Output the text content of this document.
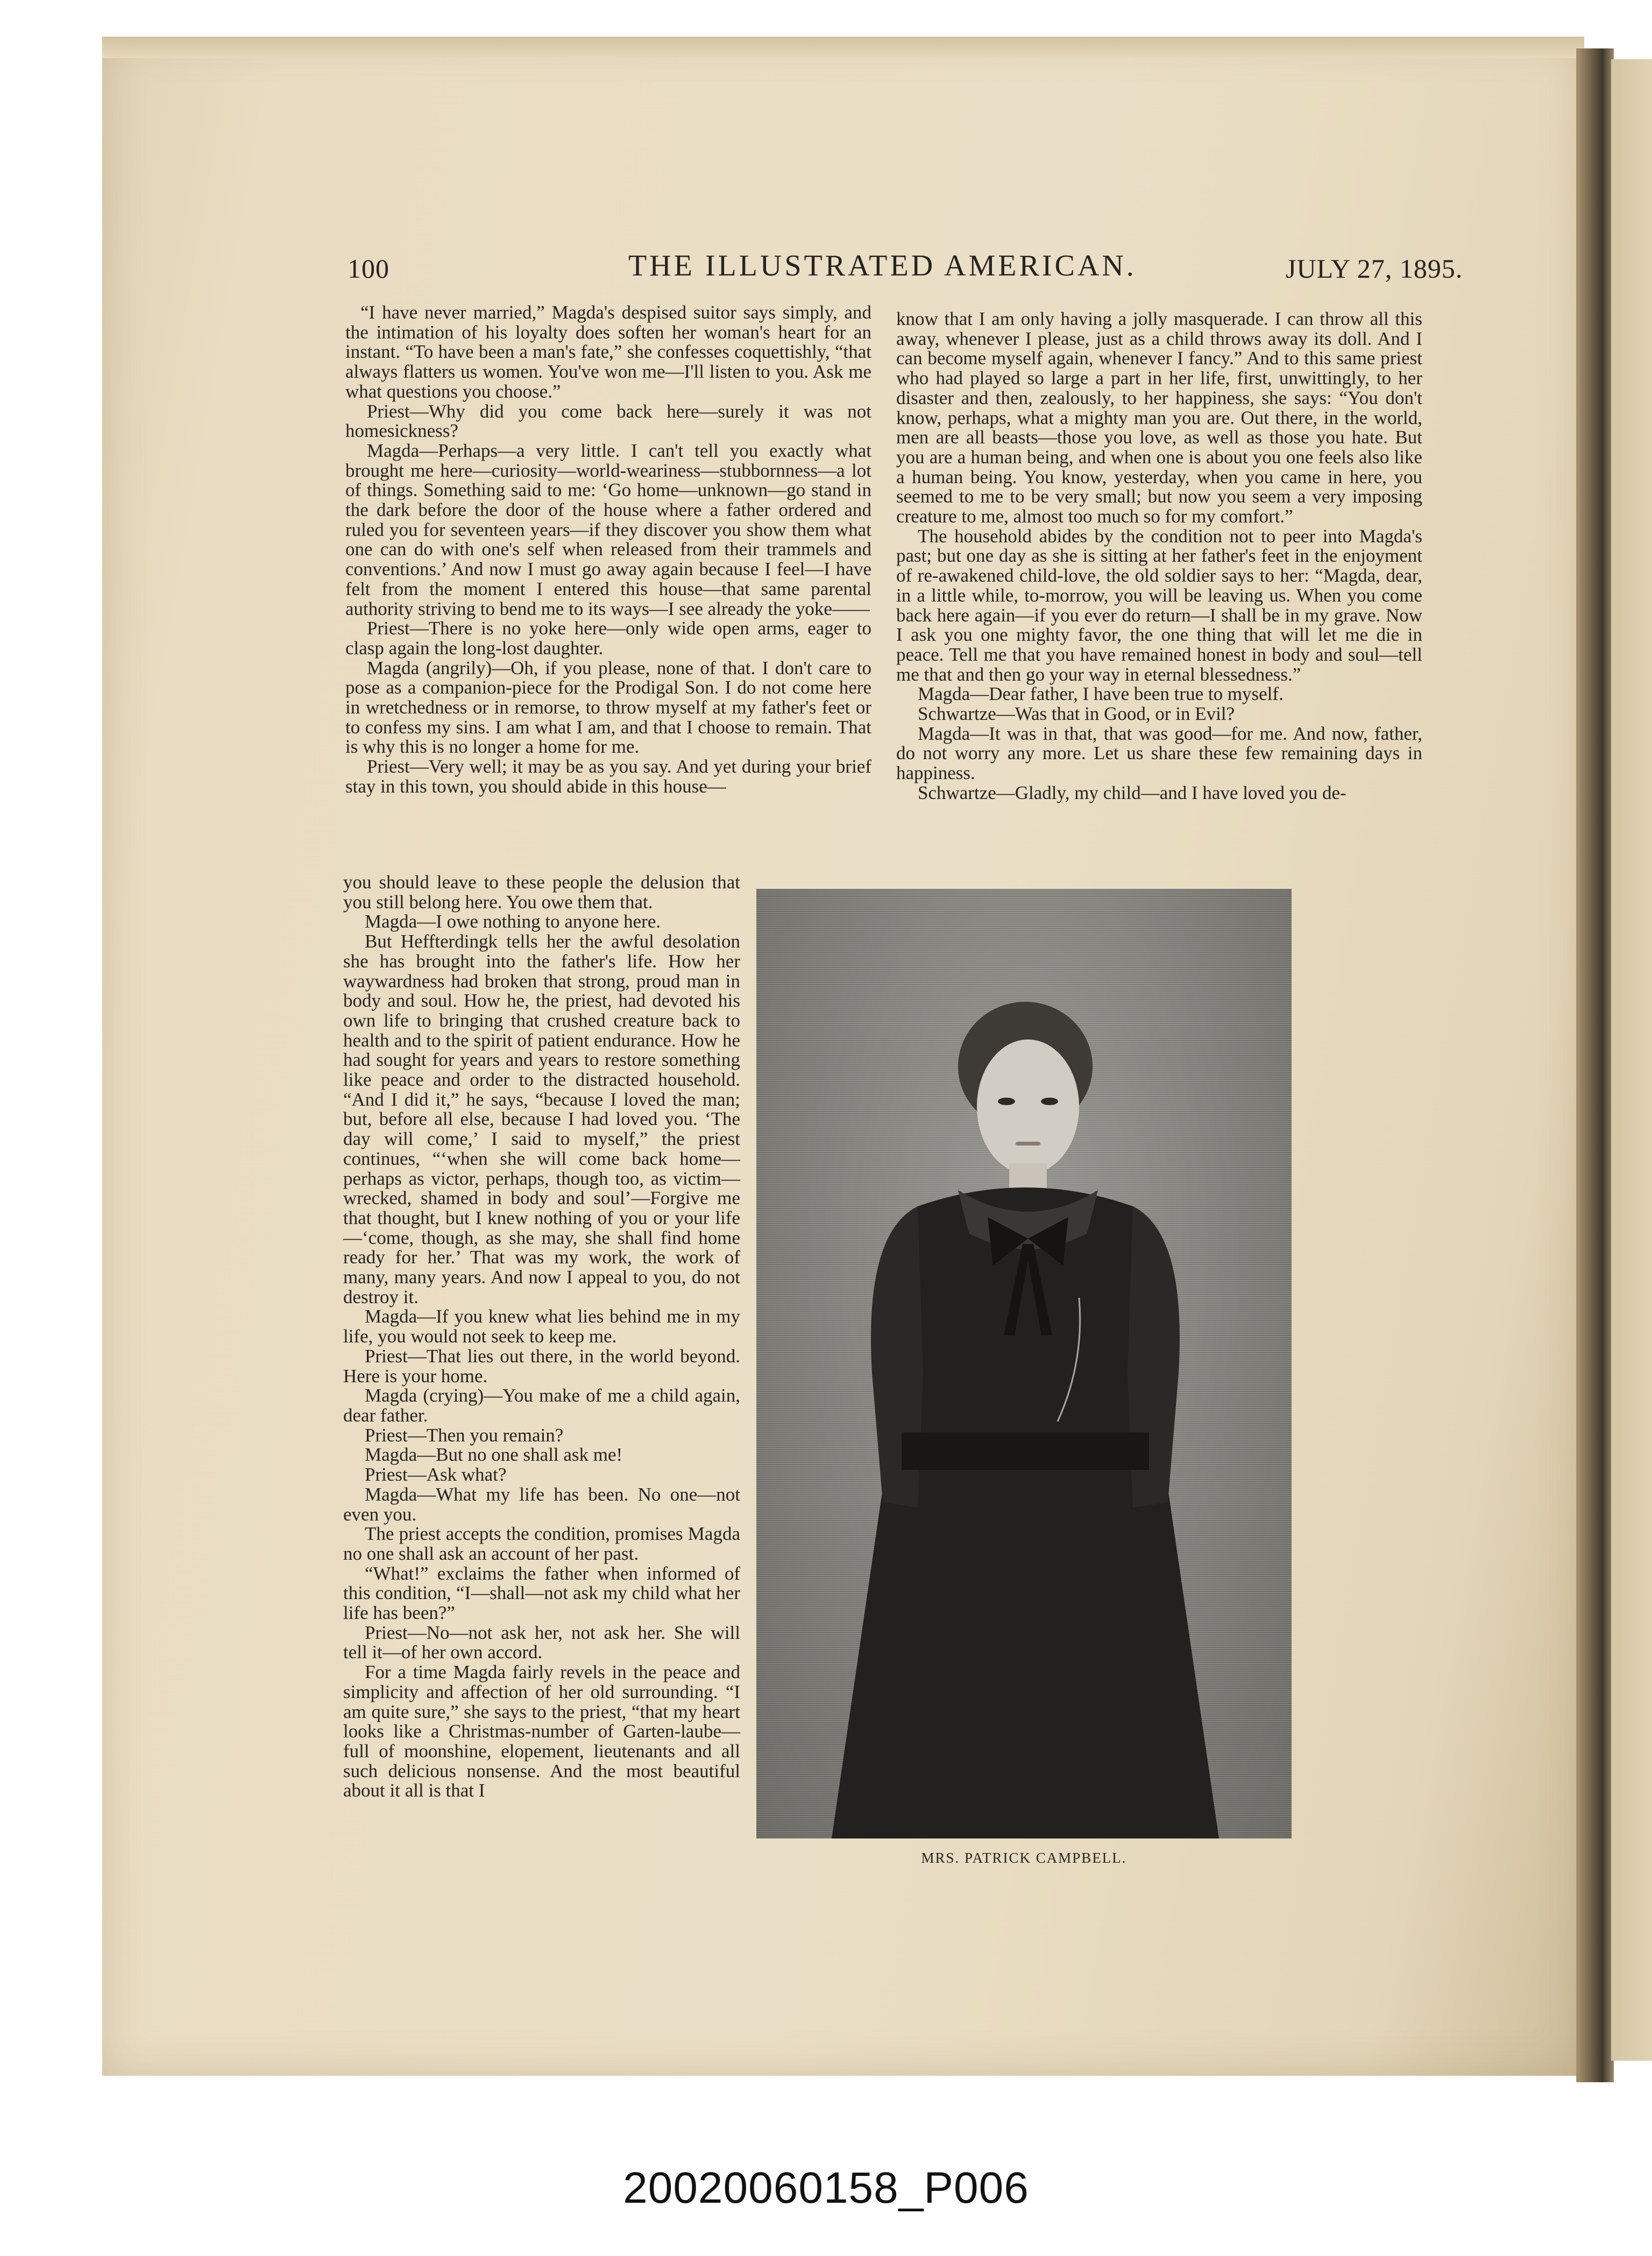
100	THE ILLUSTRATED AMERICAN.	JULY 27, 1895.

“I have never married,” Magda's despised suitor says simply, and the intimation of his loyalty does soften her woman's heart for an instant. “To have been a man's fate,” she confesses coquettishly, “that always flatters us women. You've won me—I'll listen to you. Ask me what questions you choose.”

Priest—Why did you come back here—surely it was not homesickness?

Magda—Perhaps—a very little. I can't tell you exactly what brought me here—curiosity—world-weariness—stubbornness—a lot of things. Something said to me: ‘Go home—unknown—go stand in the dark before the door of the house where a father ordered and ruled you for seventeen years—if they discover you show them what one can do with one's self when released from their trammels and conventions.’ And now I must go away again because I feel—I have felt from the moment I entered this house—that same parental authority striving to bend me to its ways—I see already the yoke——

Priest—There is no yoke here—only wide open arms, eager to clasp again the long-lost daughter.

Magda (angrily)—Oh, if you please, none of that. I don't care to pose as a companion-piece for the Prodigal Son. I do not come here in wretchedness or in remorse, to throw myself at my father's feet or to confess my sins. I am what I am, and that I choose to remain. That is why this is no longer a home for me.

Priest—Very well; it may be as you say. And yet during your brief stay in this town, you should abide in this house—

you should leave to these people the delusion that you still belong here. You owe them that.

Magda—I owe nothing to anyone here.

But Heffterdingk tells her the awful desolation she has brought into the father's life. How her waywardness had broken that strong, proud man in body and soul. How he, the priest, had devoted his own life to bringing that crushed creature back to health and to the spirit of patient endurance. How he had sought for years and years to restore something like peace and order to the distracted household. “And I did it,” he says, “because I loved the man; but, before all else, because I had loved you. ‘The day will come,’ I said to myself,” the priest continues, “‘when she will come back home—perhaps as victor, perhaps, though too, as victim—wrecked, shamed in body and soul’—Forgive me that thought, but I knew nothing of you or your life—‘come, though, as she may, she shall find home ready for her.’ That was my work, the work of many, many years. And now I appeal to you, do not destroy it.

Magda—If you knew what lies behind me in my life, you would not seek to keep me.

Priest—That lies out there, in the world beyond. Here is your home.

Magda (crying)—You make of me a child again, dear father.

Priest—Then you remain?

Magda—But no one shall ask me!

Priest—Ask what?

Magda—What my life has been. No one—not even you.

The priest accepts the condition, promises Magda no one shall ask an account of her past.

“What!” exclaims the father when informed of this condition, “I—shall—not ask my child what her life has been?”

Priest—No—not ask her, not ask her. She will tell it—of her own accord.

For a time Magda fairly revels in the peace and simplicity and affection of her old surrounding. “I am quite sure,” she says to the priest, “that my heart looks like a Christmas-number of Garten-laube—full of moonshine, elopement, lieutenants and all such delicious nonsense. And the most beautiful about it all is that I

know that I am only having a jolly masquerade. I can throw all this away, whenever I please, just as a child throws away its doll. And I can become myself again, whenever I fancy.” And to this same priest who had played so large a part in her life, first, unwittingly, to her disaster and then, zealously, to her happiness, she says: “You don't know, perhaps, what a mighty man you are. Out there, in the world, men are all beasts—those you love, as well as those you hate. But you are a human being, and when one is about you one feels also like a human being. You know, yesterday, when you came in here, you seemed to me to be very small; but now you seem a very imposing creature to me, almost too much so for my comfort.”

The household abides by the condition not to peer into Magda's past; but one day as she is sitting at her father's feet in the enjoyment of re-awakened child-love, the old soldier says to her: “Magda, dear, in a little while, to-morrow, you will be leaving us. When you come back here again—if you ever do return—I shall be in my grave. Now I ask you one mighty favor, the one thing that will let me die in peace. Tell me that you have remained honest in body and soul—tell me that and then go your way in eternal blessedness.”

Magda—Dear father, I have been true to myself.

Schwartze—Was that in Good, or in Evil?

Magda—It was in that, that was good—for me. And now, father, do not worry any more. Let us share these few remaining days in happiness.

Schwartze—Gladly, my child—and I have loved you de-

MRS. PATRICK CAMPBELL.
20020060158_P006
